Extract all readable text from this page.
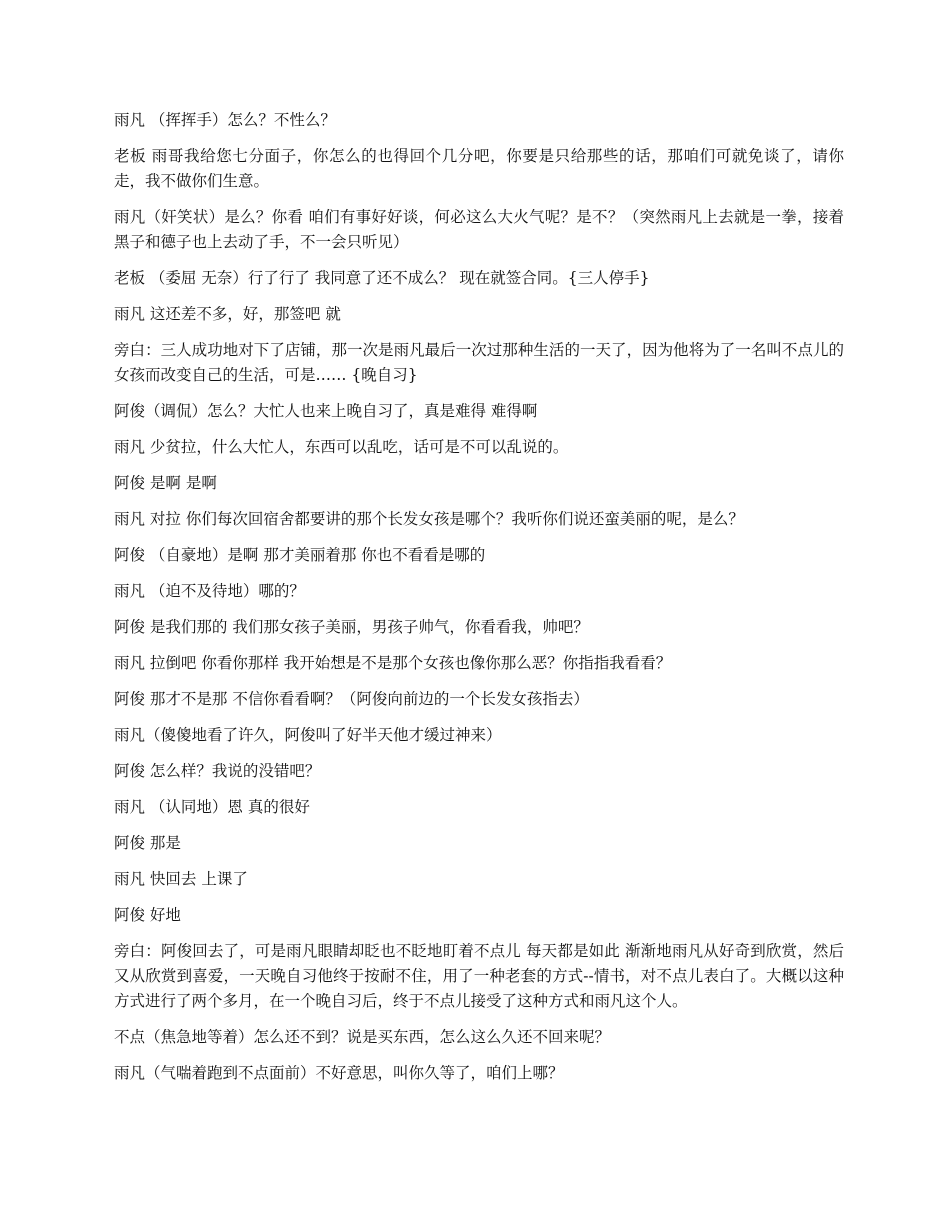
雨凡 （挥挥手）怎么？不性么？

老板 雨哥我给您七分面子，你怎么的也得回个几分吧，你要是只给那些的话，那咱们可就免谈了，请你走，我不做你们生意。

雨凡（奸笑状）是么？你看 咱们有事好好谈，何必这么大火气呢？是不？（突然雨凡上去就是一拳，接着黑子和德子也上去动了手，不一会只听见）

老板 （委屈 无奈）行了行了 我同意了还不成么？ 现在就签合同。{三人停手}

雨凡 这还差不多，好，那签吧 就

旁白：三人成功地对下了店铺，那一次是雨凡最后一次过那种生活的一天了，因为他将为了一名叫不点儿的女孩而改变自己的生活，可是…… {晚自习}

阿俊（调侃）怎么？大忙人也来上晚自习了，真是难得 难得啊

雨凡 少贫拉，什么大忙人，东西可以乱吃，话可是不可以乱说的。

阿俊 是啊 是啊

雨凡 对拉 你们每次回宿舍都要讲的那个长发女孩是哪个？我听你们说还蛮美丽的呢，是么？

阿俊 （自豪地）是啊 那才美丽着那 你也不看看是哪的

雨凡 （迫不及待地）哪的？

阿俊 是我们那的 我们那女孩子美丽，男孩子帅气，你看看我，帅吧？

雨凡 拉倒吧 你看你那样 我开始想是不是那个女孩也像你那么恶？你指指我看看？

阿俊 那才不是那 不信你看看啊？（阿俊向前边的一个长发女孩指去）

雨凡（傻傻地看了许久，阿俊叫了好半天他才缓过神来）

阿俊 怎么样？我说的没错吧？

雨凡 （认同地）恩 真的很好

阿俊 那是

雨凡 快回去 上课了

阿俊 好地

旁白：阿俊回去了，可是雨凡眼睛却眨也不眨地盯着不点儿 每天都是如此 渐渐地雨凡从好奇到欣赏，然后又从欣赏到喜爱，一天晚自习他终于按耐不住，用了一种老套的方式--情书，对不点儿表白了。大概以这种方式进行了两个多月，在一个晚自习后，终于不点儿接受了这种方式和雨凡这个人。

不点（焦急地等着）怎么还不到？说是买东西，怎么这么久还不回来呢？

雨凡（气喘着跑到不点面前）不好意思，叫你久等了，咱们上哪？
